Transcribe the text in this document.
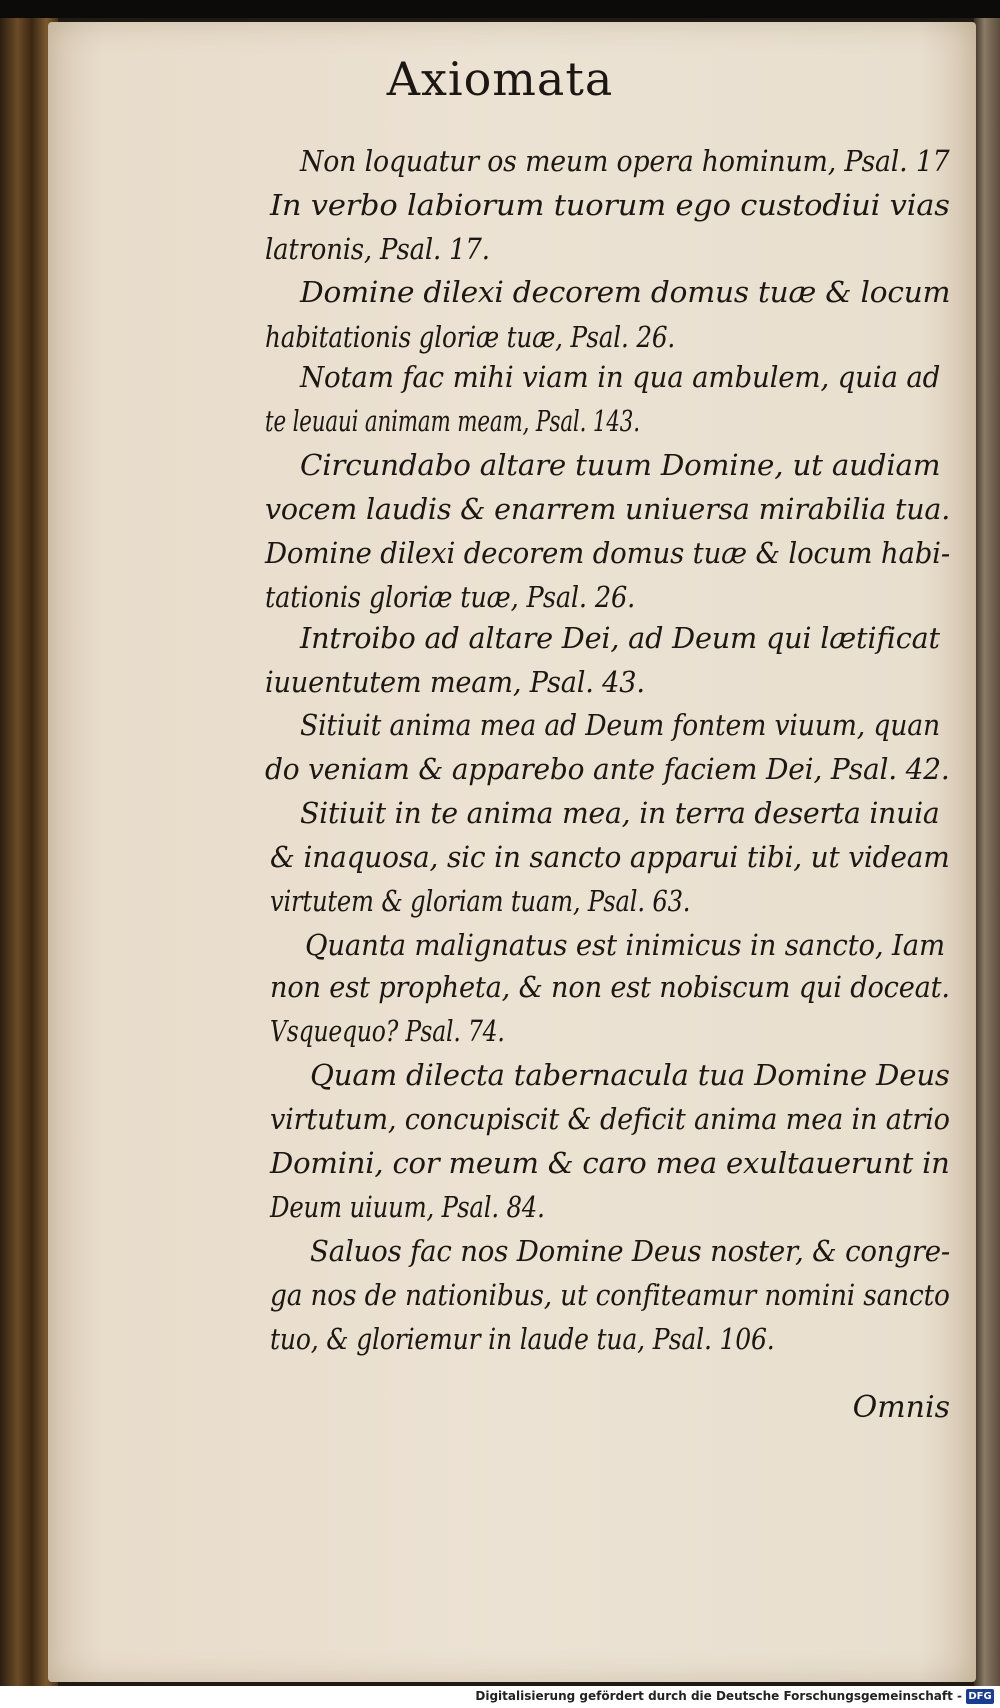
Axiomata
Non loquatur os meum opera hominum, Psal. 17
In verbo labiorum tuorum ego custodiui vias
latronis, Psal. 17.
Domine dilexi decorem domus tuæ & locum
habitationis gloriæ tuæ, Psal. 26.
Notam fac mihi viam in qua ambulem, quia ad
te leuaui animam meam, Psal. 143.
Circundabo altare tuum Domine, ut audiam
vocem laudis & enarrem uniuersa mirabilia tua.
Domine dilexi decorem domus tuæ & locum habi-
tationis gloriæ tuæ, Psal. 26.
Introibo ad altare Dei, ad Deum qui lætificat
iuuentutem meam, Psal. 43.
Sitiuit anima mea ad Deum fontem viuum, quan
do veniam & apparebo ante faciem Dei, Psal. 42.
Sitiuit in te anima mea, in terra deserta inuia
& inaquosa, sic in sancto apparui tibi, ut videam
virtutem & gloriam tuam, Psal. 63.
Quanta malignatus est inimicus in sancto, Iam
non est propheta, & non est nobiscum qui doceat.
Vsquequo? Psal. 74.
Quam dilecta tabernacula tua Domine Deus
virtutum, concupiscit & deficit anima mea in atrio
Domini, cor meum & caro mea exultauerunt in
Deum uiuum, Psal. 84.
Saluos fac nos Domine Deus noster, & congre-
ga nos de nationibus, ut confiteamur nomini sancto
tuo, & gloriemur in laude tua, Psal. 106.
Omnis
Digitalisierung gefördert durch die Deutsche Forschungsgemeinschaft - DFG
